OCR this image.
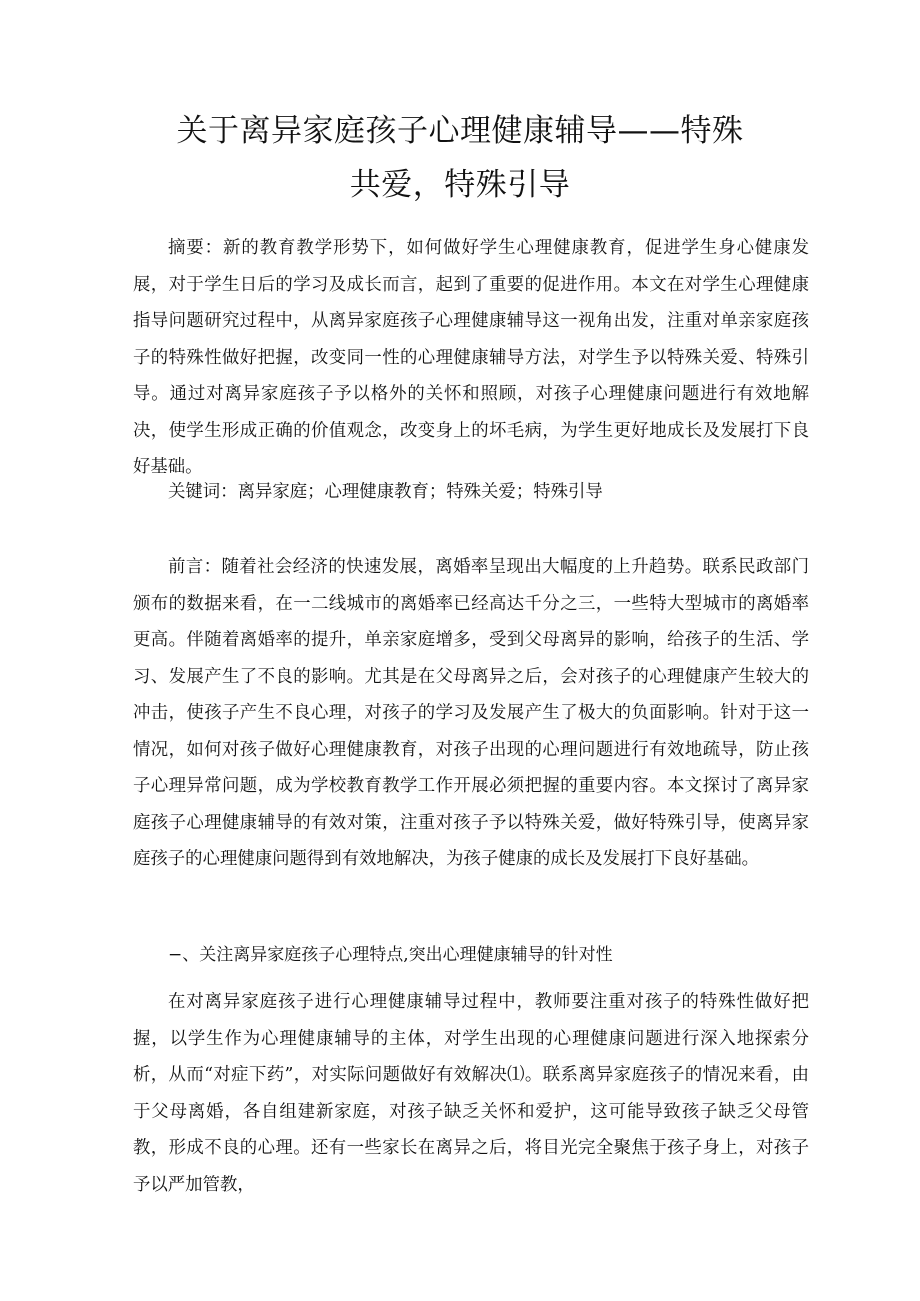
关于离异家庭孩子心理健康辅导——特殊
共爱，特殊引导

摘要：新的教育教学形势下，如何做好学生心理健康教育，促进学生身心健康发展，对于学生日后的学习及成长而言，起到了重要的促进作用。本文在对学生心理健康指导问题研究过程中，从离异家庭孩子心理健康辅导这一视角出发，注重对单亲家庭孩子的特殊性做好把握，改变同一性的心理健康辅导方法，对学生予以特殊关爱、特殊引导。通过对离异家庭孩子予以格外的关怀和照顾，对孩子心理健康问题进行有效地解决，使学生形成正确的价值观念，改变身上的坏毛病，为学生更好地成长及发展打下良好基础。

关键词：离异家庭；心理健康教育；特殊关爱；特殊引导

前言：随着社会经济的快速发展，离婚率呈现出大幅度的上升趋势。联系民政部门颁布的数据来看，在一二线城市的离婚率已经高达千分之三，一些特大型城市的离婚率更高。伴随着离婚率的提升，单亲家庭增多，受到父母离异的影响，给孩子的生活、学习、发展产生了不良的影响。尤其是在父母离异之后，会对孩子的心理健康产生较大的冲击，使孩子产生不良心理，对孩子的学习及发展产生了极大的负面影响。针对于这一情况，如何对孩子做好心理健康教育，对孩子出现的心理问题进行有效地疏导，防止孩子心理异常问题，成为学校教育教学工作开展必须把握的重要内容。本文探讨了离异家庭孩子心理健康辅导的有效对策，注重对孩子予以特殊关爱，做好特殊引导，使离异家庭孩子的心理健康问题得到有效地解决，为孩子健康的成长及发展打下良好基础。

−、关注离异家庭孩子心理特点,突出心理健康辅导的针对性

在对离异家庭孩子进行心理健康辅导过程中，教师要注重对孩子的特殊性做好把握，以学生作为心理健康辅导的主体，对学生出现的心理健康问题进行深入地探索分析，从而“对症下药”，对实际问题做好有效解决⑴。联系离异家庭孩子的情况来看，由于父母离婚，各自组建新家庭，对孩子缺乏关怀和爱护，这可能导致孩子缺乏父母管教，形成不良的心理。还有一些家长在离异之后，将目光完全聚焦于孩子身上，对孩子予以严加管教，
